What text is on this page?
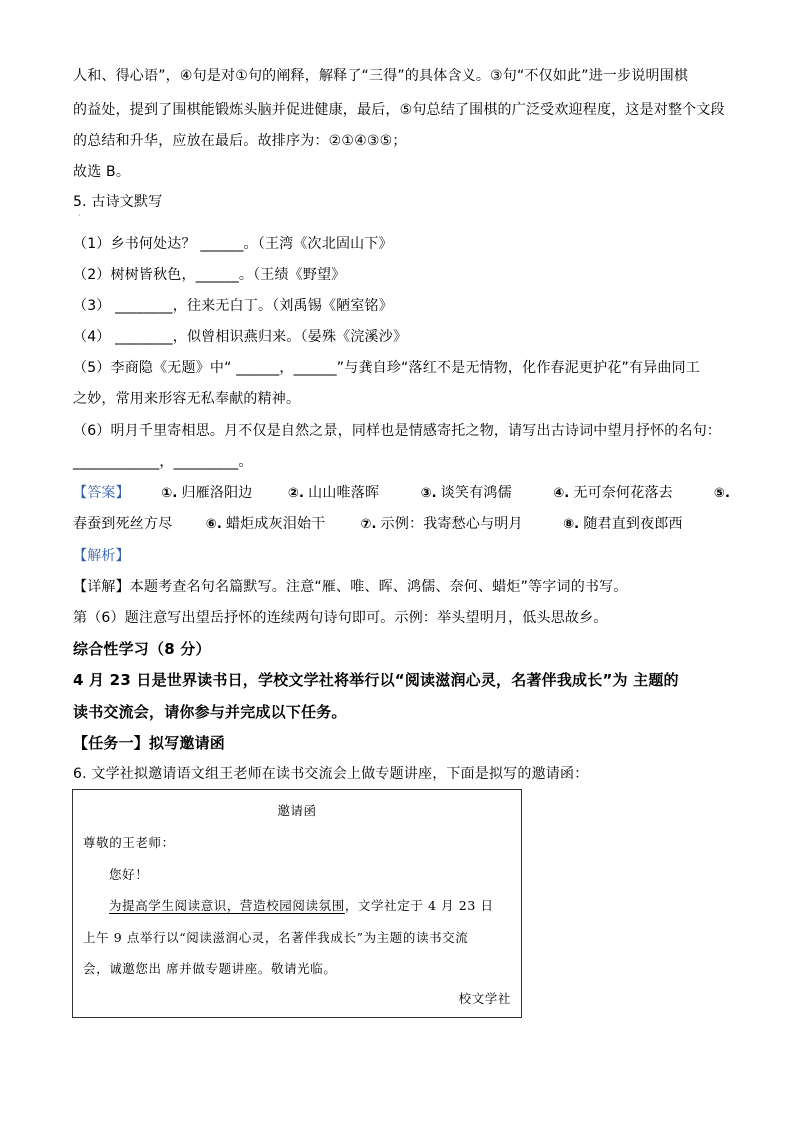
人和、得心语”，④句是对①句的阐释，解释了“三得”的具体含义。③句“不仅如此”进一步说明围棋
的益处，提到了围棋能锻炼头脑并促进健康，最后，⑤句总结了围棋的广泛受欢迎程度，这是对整个文段
的总结和升华，应放在最后。故排序为：②①④③⑤；
故选 B。
5. 古诗文默写
·
（1）乡书何处达？ ______。（王湾《次北固山下》
（2）树树皆秋色，______。（王绩《野望》
（3） ________，往来无白丁。（刘禹锡《陋室铭》
（4） ________，似曾相识燕归来。（晏殊《浣溪沙》
（5）李商隐《无题》中“ ______，______”与龚自珍“落红不是无情物，化作春泥更护花”有异曲同工
之妙，常用来形容无私奉献的精神。
（6）明月千里寄相思。月不仅是自然之景，同样也是情感寄托之物，请写出古诗词中望月抒怀的名句：
____________，_________。
【答案】 ①. 归雁洛阳边	②. 山山唯落晖	③. 谈笑有鸿儒	④. 无可奈何花落去	⑤.
春蚕到死丝方尽	⑥. 蜡炬成灰泪始干	⑦. 示例：我寄愁心与明月	⑧. 随君直到夜郎西
【解析】
【详解】本题考查名句名篇默写。注意“雁、唯、晖、鸿儒、奈何、蜡炬”等字词的书写。
第（6）题注意写出望岳抒怀的连续两句诗句即可。示例：举头望明月，低头思故乡。
综合性学习（8 分）
4 月 23 日是世界读书日，学校文学社将举行以“阅读滋润心灵，名著伴我成长”为 主题的
读书交流会，请你参与并完成以下任务。
【任务一】拟写邀请函
6. 文学社拟邀请语文组王老师在读书交流会上做专题讲座，下面是拟写的邀请函：
邀请函
尊敬的王老师：
您好！
为提高学生阅读意识，营造校园阅读氛围，文学社定于 4 月 23 日
上午 9 点举行以“阅读滋润心灵，名著伴我成长”为主题的读书交流
会，诚邀您出 席并做专题讲座。敬请光临。
校文学社
